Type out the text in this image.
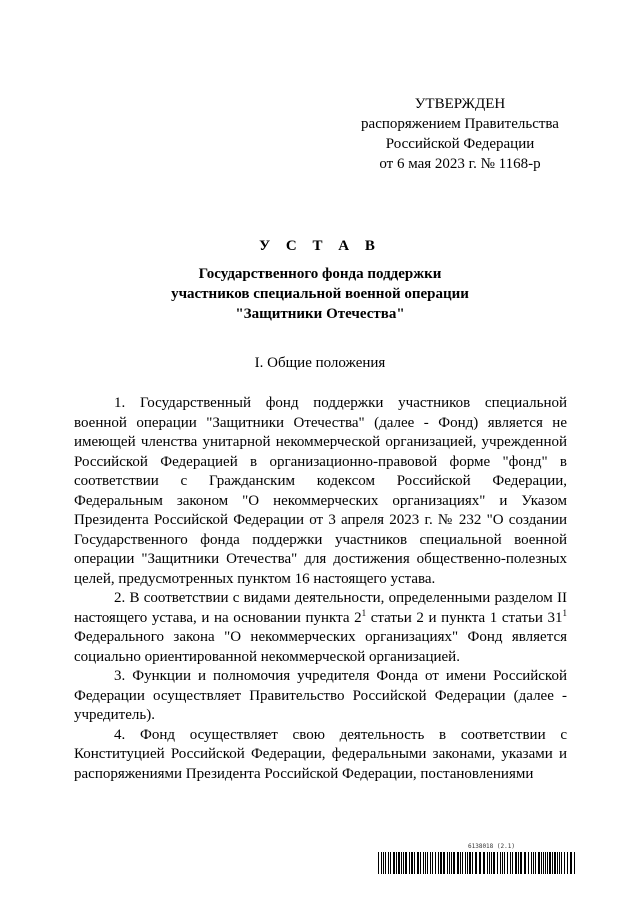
УТВЕРЖДЕН
распоряжением Правительства
Российской Федерации
от 6 мая 2023 г. № 1168-р
У С Т А В
Государственного фонда поддержки
участников специальной военной операции
"Защитники Отечества"
I. Общие положения

1. Государственный фонд поддержки участников специальной военной операции "Защитники Отечества" (далее - Фонд) является не имеющей членства унитарной некоммерческой организацией, учрежденной Российской Федерацией в организационно-правовой форме "фонд" в соответствии с Гражданским кодексом Российской Федерации, Федеральным законом "О некоммерческих организациях" и Указом Президента Российской Федерации от 3 апреля 2023 г. № 232 "О создании Государственного фонда поддержки участников специальной военной операции "Защитники Отечества" для достижения общественно-полезных целей, предусмотренных пунктом 16 настоящего устава.

2. В соответствии с видами деятельности, определенными разделом II настоящего устава, и на основании пункта $2^1$ статьи 2 и пункта 1 статьи $31^1$ Федерального закона "О некоммерческих организациях" Фонд является социально ориентированной некоммерческой организацией.

3. Функции и полномочия учредителя Фонда от имени Российской Федерации осуществляет Правительство Российской Федерации (далее - учредитель).

4. Фонд осуществляет свою деятельность в соответствии с Конституцией Российской Федерации, федеральными законами, указами и распоряжениями Президента Российской Федерации, постановлениями

6138018 (2.1)
